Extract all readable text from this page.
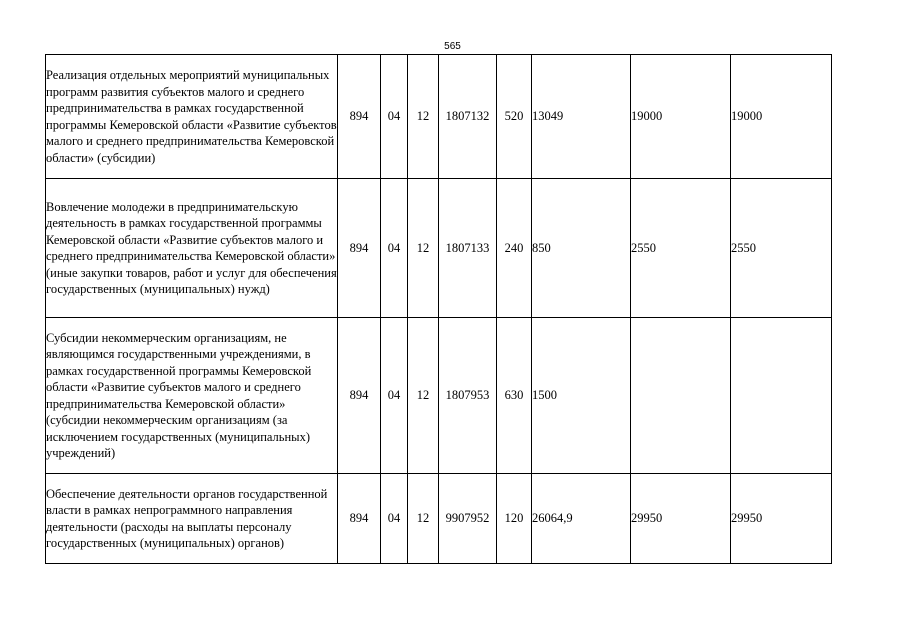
565
Реализация отдельных мероприятий муниципальных программ развития субъектов малого и среднего предпринимательства в рамках государственной программы Кемеровской области «Развитие субъектов малого и среднего предпринимательства Кемеровской области» (субсидии)	894	04	12	1807132	520	13049	19000	19000
Вовлечение молодежи в предпринимательскую деятельность в рамках государственной программы Кемеровской области «Развитие субъектов малого и среднего предпринимательства Кемеровской области» (иные закупки товаров, работ и услуг для обеспечения государственных (муниципальных) нужд)	894	04	12	1807133	240	850	2550	2550
Субсидии некоммерческим организациям, не являющимся государственными учреждениями, в рамках государственной программы Кемеровской области «Развитие субъектов малого и среднего предпринимательства Кемеровской области» (субсидии некоммерческим организациям (за исключением государственных (муниципальных) учреждений)	894	04	12	1807953	630	1500		
Обеспечение деятельности органов государственной власти в рамках непрограммного направления деятельности (расходы на выплаты персоналу государственных (муниципальных) органов)	894	04	12	9907952	120	26064,9	29950	29950
